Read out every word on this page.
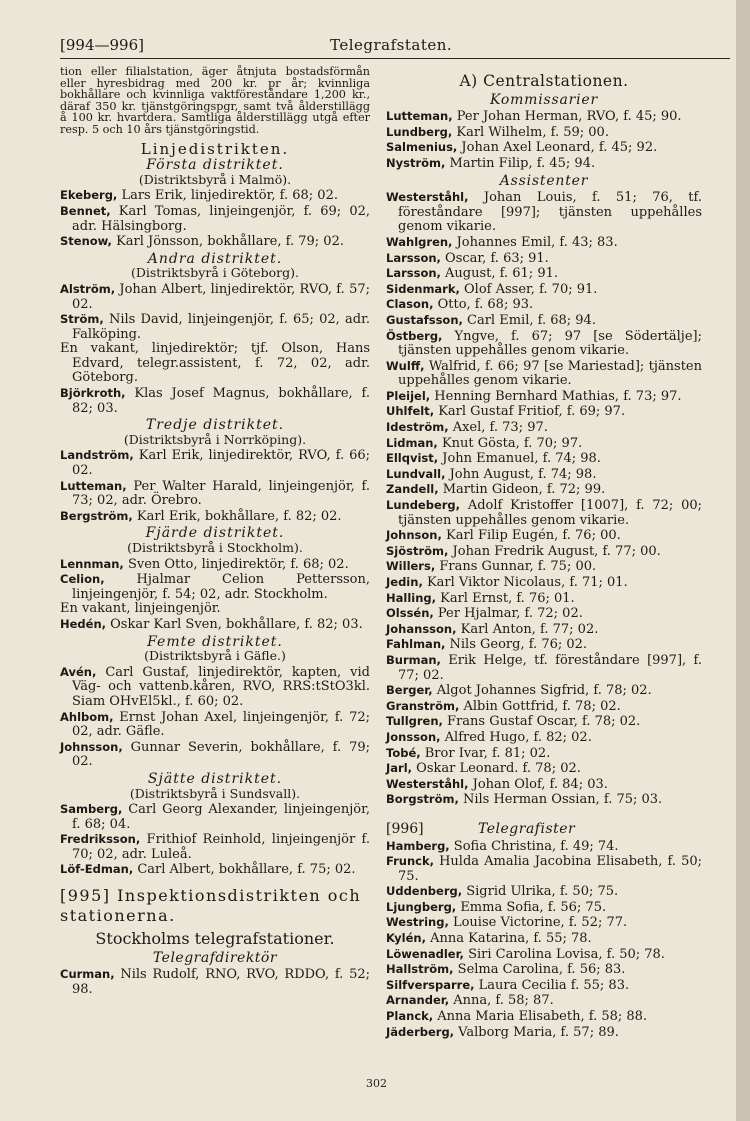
[994—996]	Telegrafstaten.
tion eller filialstation, äger åtnjuta bostadsförmån eller hyresbidrag med 200 kr. pr år; kvinnliga bokhållare och kvinnliga vaktföreståndare 1,200 kr., däraf 350 kr. tjänstgöringspgr, samt två ålderstillägg å 100 kr. hvartdera. Samtliga ålderstillägg utgå efter resp. 5 och 10 års tjänstgöringstid.
Linjedistrikten.
Första distriktet.
(Distriktsbyrå i Malmö).
Ekeberg, Lars Erik, linjedirektör, f. 68; 02.
Bennet, Karl Tomas, linjeingenjör, f. 69; 02, adr. Hälsingborg.
Stenow, Karl Jönsson, bokhållare, f. 79; 02.
Andra distriktet.
(Distriktsbyrå i Göteborg).
Alström, Johan Albert, linjedirektör, RVO, f. 57; 02.
Ström, Nils David, linjeingenjör, f. 65; 02, adr. Falköping.
En vakant, linjedirektör; tjf. Olson, Hans Edvard, telegr.assistent, f. 72, 02, adr. Göteborg.
Björkroth, Klas Josef Magnus, bokhållare, f. 82; 03.
Tredje distriktet.
(Distriktsbyrå i Norrköping).
Landström, Karl Erik, linjedirektör, RVO, f. 66; 02.
Lutteman, Per Walter Harald, linjeingenjör, f. 73; 02, adr. Örebro.
Bergström, Karl Erik, bokhållare, f. 82; 02.
Fjärde distriktet.
(Distriktsbyrå i Stockholm).
Lennman, Sven Otto, linjedirektör, f. 68; 02.
Celion, Hjalmar Celion Pettersson, linjeingenjör, f. 54; 02, adr. Stockholm.
En vakant, linjeingenjör.
Hedén, Oskar Karl Sven, bokhållare, f. 82; 03.
Femte distriktet.
(Distriktsbyrå i Gäfle.)
Avén, Carl Gustaf, linjedirektör, kapten, vid Väg- och vattenb.kåren, RVO, RRS:tStO3kl. Siam OHvEl5kl., f. 60; 02.
Ahlbom, Ernst Johan Axel, linjeingenjör, f. 72; 02, adr. Gäfle.
Johnsson, Gunnar Severin, bokhållare, f. 79; 02.
Sjätte distriktet.
(Distriktsbyrå i Sundsvall).
Samberg, Carl Georg Alexander, linjeingenjör, f. 68; 04.
Fredriksson, Frithiof Reinhold, linjeingenjör f. 70; 02, adr. Luleå.
Löf-Edman, Carl Albert, bokhållare, f. 75; 02.
[995] Inspektionsdistrikten och stationerna.
Stockholms telegrafstationer.
Telegrafdirektör
Curman, Nils Rudolf, RNO, RVO, RDDO, f. 52; 98.
A) Centralstationen.
Kommissarier
Lutteman, Per Johan Herman, RVO, f. 45; 90.
Lundberg, Karl Wilhelm, f. 59; 00.
Salmenius, Johan Axel Leonard, f. 45; 92.
Nyström, Martin Filip, f. 45; 94.
Assistenter
Westerståhl, Johan Louis, f. 51; 76, tf. föreståndare [997]; tjänsten uppehålles genom vikarie.
Wahlgren, Johannes Emil, f. 43; 83.
Larsson, Oscar, f. 63; 91.
Larsson, August, f. 61; 91.
Sidenmark, Olof Asser, f. 70; 91.
Clason, Otto, f. 68; 93.
Gustafsson, Carl Emil, f. 68; 94.
Östberg, Yngve, f. 67; 97 [se Södertälje]; tjänsten uppehålles genom vikarie.
Wulff, Walfrid, f. 66; 97 [se Mariestad]; tjänsten uppehålles genom vikarie.
Pleijel, Henning Bernhard Mathias, f. 73; 97.
Uhlfelt, Karl Gustaf Fritiof, f. 69; 97.
Ideström, Axel, f. 73; 97.
Lidman, Knut Gösta, f. 70; 97.
Ellqvist, John Emanuel, f. 74; 98.
Lundvall, John August, f. 74; 98.
Zandell, Martin Gideon, f. 72; 99.
Lundeberg, Adolf Kristoffer [1007], f. 72; 00; tjänsten uppehålles genom vikarie.
Johnson, Karl Filip Eugén, f. 76; 00.
Sjöström, Johan Fredrik August, f. 77; 00.
Willers, Frans Gunnar, f. 75; 00.
Jedin, Karl Viktor Nicolaus, f. 71; 01.
Halling, Karl Ernst, f. 76; 01.
Olssén, Per Hjalmar, f. 72; 02.
Johansson, Karl Anton, f. 77; 02.
Fahlman, Nils Georg, f. 76; 02.
Burman, Erik Helge, tf. föreståndare [997], f. 77; 02.
Berger, Algot Johannes Sigfrid, f. 78; 02.
Granström, Albin Gottfrid, f. 78; 02.
Tullgren, Frans Gustaf Oscar, f. 78; 02.
Jonsson, Alfred Hugo, f. 82; 02.
Tobé, Bror Ivar, f. 81; 02.
Jarl, Oskar Leonard. f. 78; 02.
Westerståhl, Johan Olof, f. 84; 03.
Borgström, Nils Herman Ossian, f. 75; 03.
[996]	Telegrafister
Hamberg, Sofia Christina, f. 49; 74.
Frunck, Hulda Amalia Jacobina Elisabeth, f. 50; 75.
Uddenberg, Sigrid Ulrika, f. 50; 75.
Ljungberg, Emma Sofia, f. 56; 75.
Westring, Louise Victorine, f. 52; 77.
Kylén, Anna Katarina, f. 55; 78.
Löwenadler, Siri Carolina Lovisa, f. 50; 78.
Hallström, Selma Carolina, f. 56; 83.
Silfversparre, Laura Cecilia f. 55; 83.
Arnander, Anna, f. 58; 87.
Planck, Anna Maria Elisabeth, f. 58; 88.
Jäderberg, Valborg Maria, f. 57; 89.
302
